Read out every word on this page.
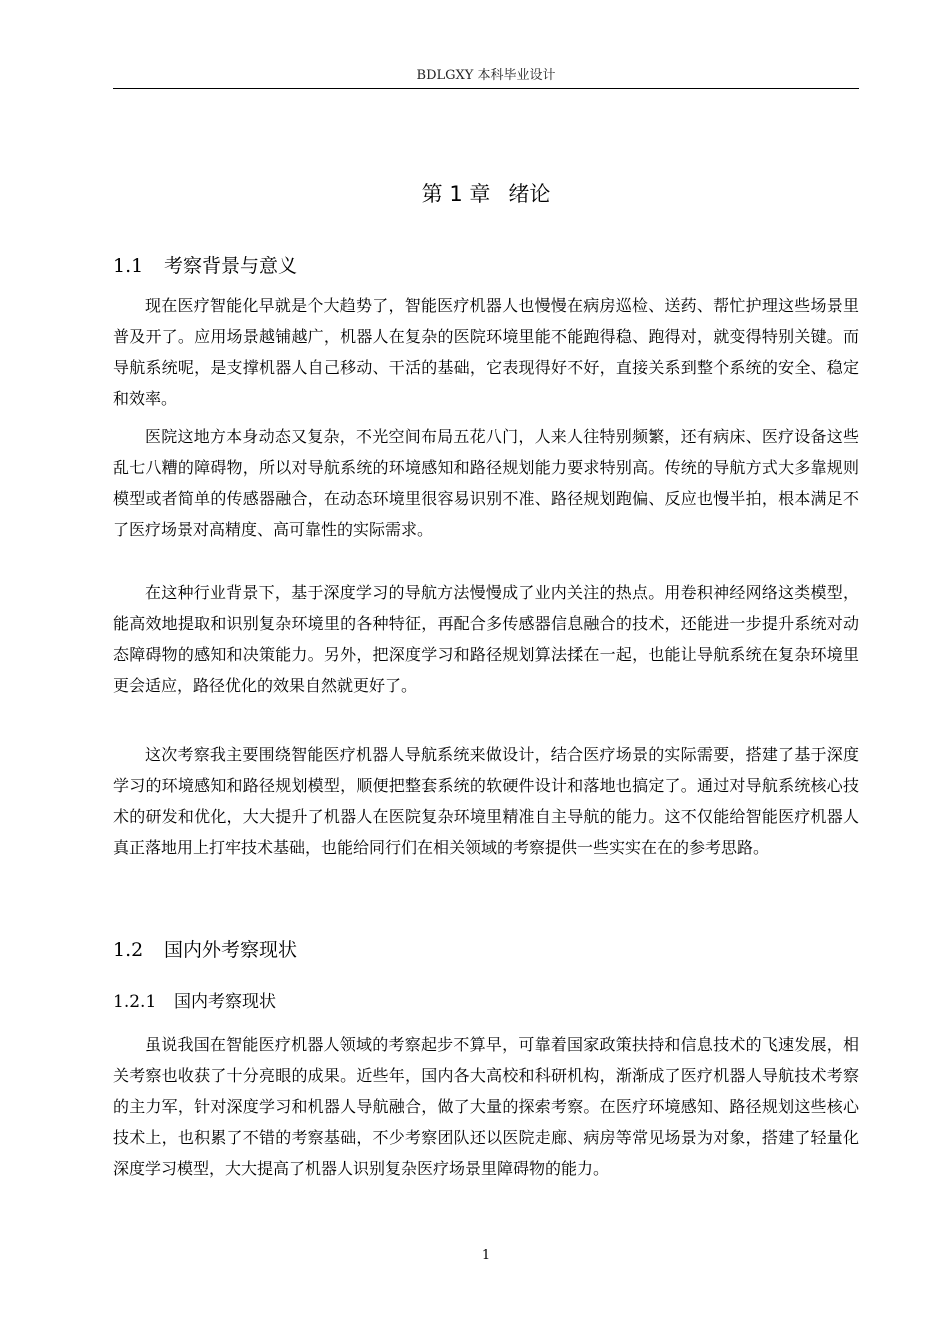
BDLGXY 本科毕业设计
第 1 章 绪论
1.1 考察背景与意义

现在医疗智能化早就是个大趋势了，智能医疗机器人也慢慢在病房巡检、送药、帮忙护理这些场景里普及开了。应用场景越铺越广，机器人在复杂的医院环境里能不能跑得稳、跑得对，就变得特别关键。而导航系统呢，是支撑机器人自己移动、干活的基础，它表现得好不好，直接关系到整个系统的安全、稳定和效率。

医院这地方本身动态又复杂，不光空间布局五花八门，人来人往特别频繁，还有病床、医疗设备这些乱七八糟的障碍物，所以对导航系统的环境感知和路径规划能力要求特别高。传统的导航方式大多靠规则模型或者简单的传感器融合，在动态环境里很容易识别不准、路径规划跑偏、反应也慢半拍，根本满足不了医疗场景对高精度、高可靠性的实际需求。

在这种行业背景下，基于深度学习的导航方法慢慢成了业内关注的热点。用卷积神经网络这类模型，能高效地提取和识别复杂环境里的各种特征，再配合多传感器信息融合的技术，还能进一步提升系统对动态障碍物的感知和决策能力。另外，把深度学习和路径规划算法揉在一起，也能让导航系统在复杂环境里更会适应，路径优化的效果自然就更好了。

这次考察我主要围绕智能医疗机器人导航系统来做设计，结合医疗场景的实际需要，搭建了基于深度学习的环境感知和路径规划模型，顺便把整套系统的软硬件设计和落地也搞定了。通过对导航系统核心技术的研发和优化，大大提升了机器人在医院复杂环境里精准自主导航的能力。这不仅能给智能医疗机器人真正落地用上打牢技术基础，也能给同行们在相关领域的考察提供一些实实在在的参考思路。

1.2 国内外考察现状
1.2.1 国内考察现状

虽说我国在智能医疗机器人领域的考察起步不算早，可靠着国家政策扶持和信息技术的飞速发展，相关考察也收获了十分亮眼的成果。近些年，国内各大高校和科研机构，渐渐成了医疗机器人导航技术考察的主力军，针对深度学习和机器人导航融合，做了大量的探索考察。在医疗环境感知、路径规划这些核心技术上，也积累了不错的考察基础，不少考察团队还以医院走廊、病房等常见场景为对象，搭建了轻量化深度学习模型，大大提高了机器人识别复杂医疗场景里障碍物的能力。

1
